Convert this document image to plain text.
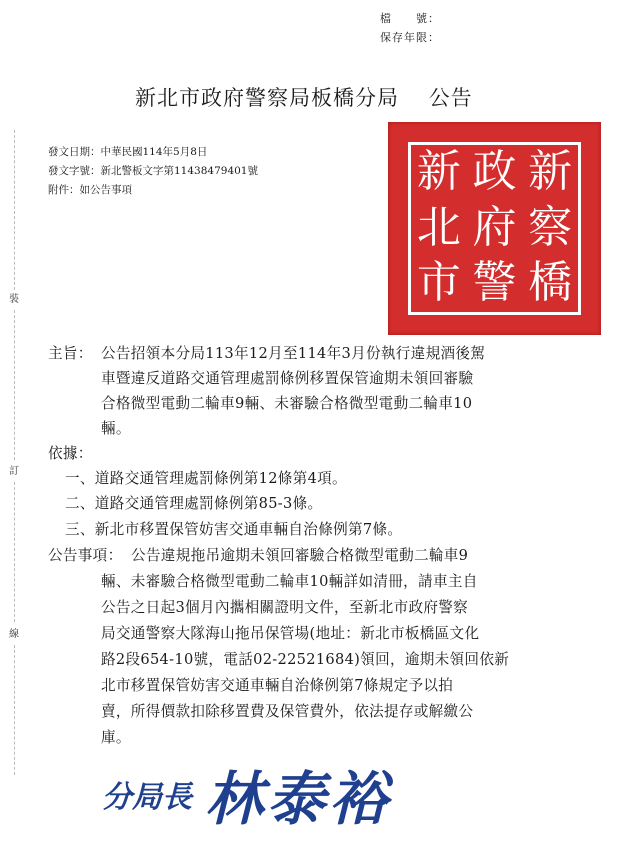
檔　　號：
保存年限：
新北市政府警察局板橋分局　 公告
發文日期：中華民國114年5月8日
發文字號：新北警板文字第11438479401號
附件：如公告事項	新 政 新
北 府 察
市 警 橋
裝
訂
線
主旨： 公告招領本分局113年12月至114年3月份執行違規酒後駕
車暨違反道路交通管理處罰條例移置保管逾期未領回審驗
合格微型電動二輪車9輛、未審驗合格微型電動二輪車10
輛。
依據：
一、道路交通管理處罰條例第12條第4項。
二、道路交通管理處罰條例第85-3條。
三、新北市移置保管妨害交通車輛自治條例第7條。
公告事項： 公告違規拖吊逾期未領回審驗合格微型電動二輪車9
輛、未審驗合格微型電動二輪車10輛詳如清冊，請車主自
公告之日起3個月內攜相關證明文件，至新北市政府警察
局交通警察大隊海山拖吊保管場(地址：新北市板橋區文化
路2段654-10號，電話02-22521684)領回，逾期未領回依新
北市移置保管妨害交通車輛自治條例第7條規定予以拍
賣，所得價款扣除移置費及保管費外，依法提存或解繳公
庫。
分局長 林泰裕
